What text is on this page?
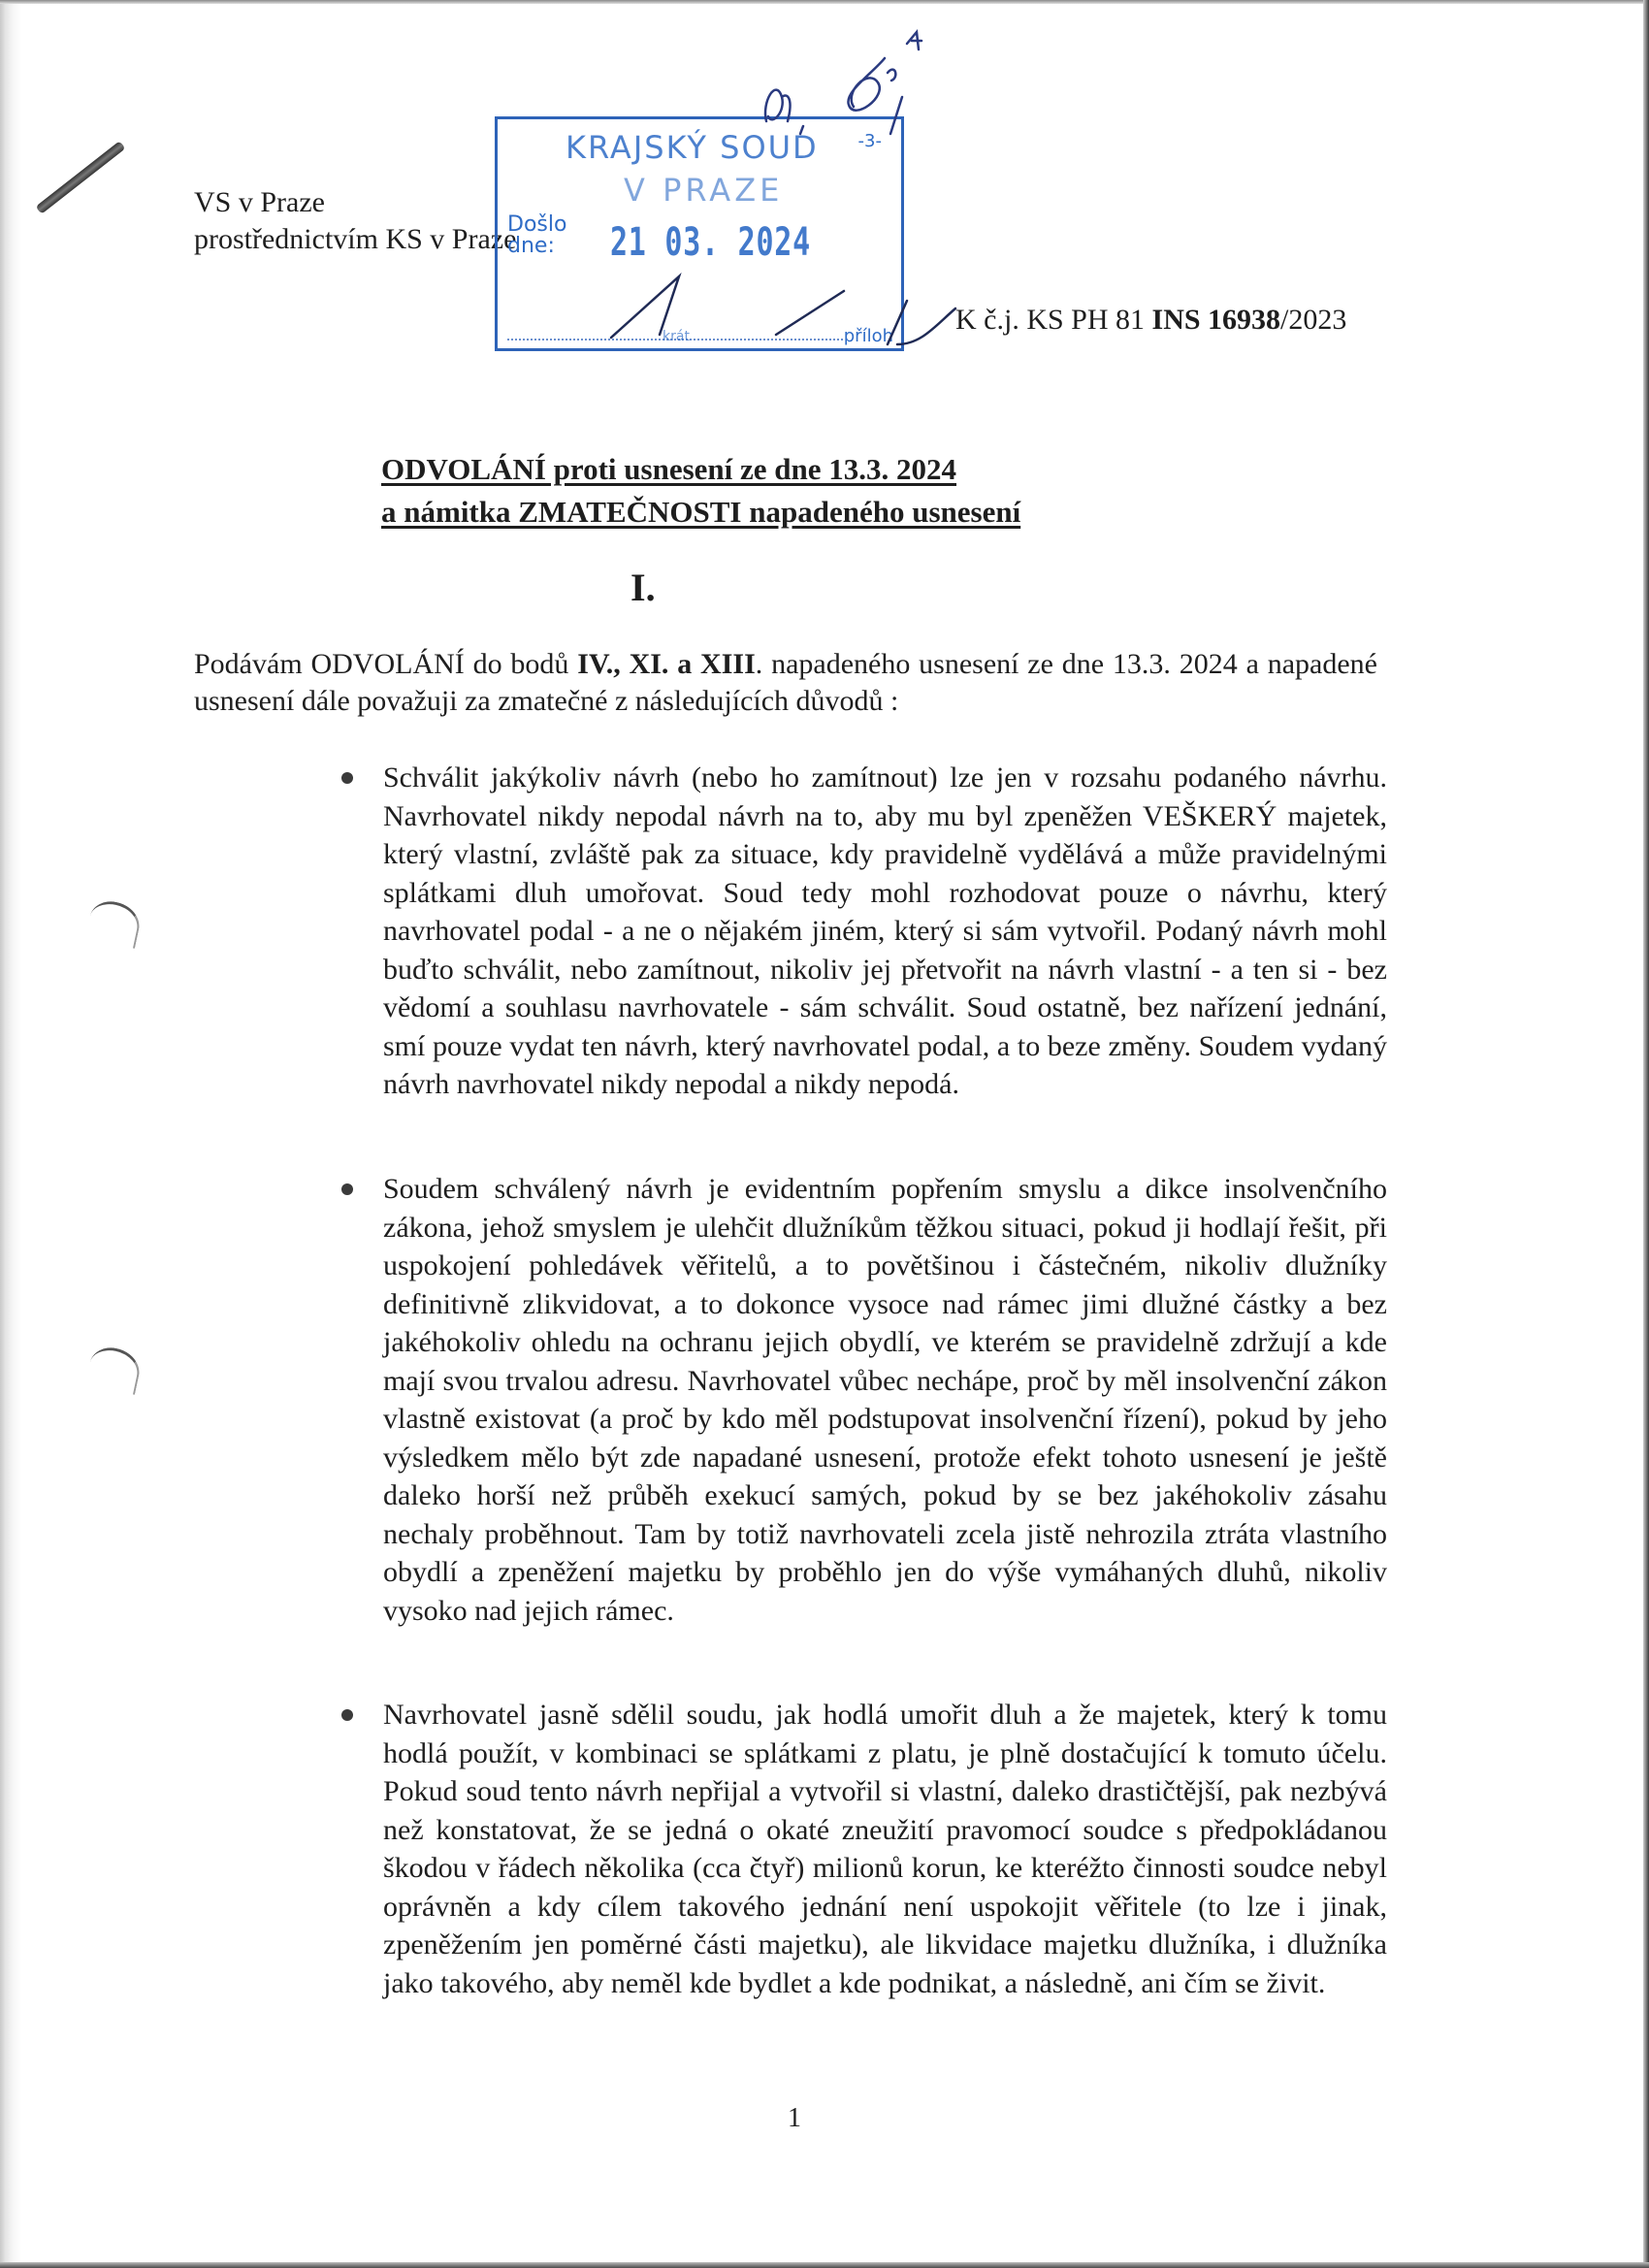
VS v Praze
prostřednictvím KS v Praze
KRAJSKÝ SOUD -3-
V PRAZE
Došlo
dne:	21 03. 2024
krát	příloh
K č.j. KS PH 81 INS 16938/2023
ODVOLÁNÍ proti usnesení ze dne 13.3. 2024
a námitka ZMATEČNOSTI napadeného usnesení
I.
Podávám ODVOLÁNÍ do bodů IV., XI. a XIII. napadeného usnesení ze dne 13.3. 2024 a napadené usnesení dále považuji za zmatečné z následujících důvodů :
Schválit jakýkoliv návrh (nebo ho zamítnout) lze jen v rozsahu podaného návrhu. Navrhovatel nikdy nepodal návrh na to, aby mu byl zpeněžen VEŠKERÝ majetek, který vlastní, zvláště pak za situace, kdy pravidelně vydělává a může pravidelnými splátkami dluh umořovat. Soud tedy mohl rozhodovat pouze o návrhu, který navrhovatel podal - a ne o nějakém jiném, který si sám vytvořil. Podaný návrh mohl buďto schválit, nebo zamítnout, nikoliv jej přetvořit na návrh vlastní - a ten si - bez vědomí a souhlasu navrhovatele - sám schválit. Soud ostatně, bez nařízení jednání, smí pouze vydat ten návrh, který navrhovatel podal, a to beze změny. Soudem vydaný návrh navrhovatel nikdy nepodal a nikdy nepodá.
Soudem schválený návrh je evidentním popřením smyslu a dikce insolvenčního zákona, jehož smyslem je ulehčit dlužníkům těžkou situaci, pokud ji hodlají řešit, při uspokojení pohledávek věřitelů, a to povětšinou i částečném, nikoliv dlužníky definitivně zlikvidovat, a to dokonce vysoce nad rámec jimi dlužné částky a bez jakéhokoliv ohledu na ochranu jejich obydlí, ve kterém se pravidelně zdržují a kde mají svou trvalou adresu. Navrhovatel vůbec nechápe, proč by měl insolvenční zákon vlastně existovat (a proč by kdo měl podstupovat insolvenční řízení), pokud by jeho výsledkem mělo být zde napadané usnesení, protože efekt tohoto usnesení je ještě daleko horší než průběh exekucí samých, pokud by se bez jakéhokoliv zásahu nechaly proběhnout. Tam by totiž navrhovateli zcela jistě nehrozila ztráta vlastního obydlí a zpeněžení majetku by proběhlo jen do výše vymáhaných dluhů, nikoliv vysoko nad jejich rámec.
Navrhovatel jasně sdělil soudu, jak hodlá umořit dluh a že majetek, který k tomu hodlá použít, v kombinaci se splátkami z platu, je plně dostačující k tomuto účelu. Pokud soud tento návrh nepřijal a vytvořil si vlastní, daleko drastičtější, pak nezbývá než konstatovat, že se jedná o okaté zneužití pravomocí soudce s předpokládanou škodou v řádech několika (cca čtyř) milionů korun, ke kteréžto činnosti soudce nebyl oprávněn a kdy cílem takového jednání není uspokojit věřitele (to lze i jinak, zpeněžením jen poměrné části majetku), ale likvidace majetku dlužníka, i dlužníka jako takového, aby neměl kde bydlet a kde podnikat, a následně, ani čím se živit.
1
